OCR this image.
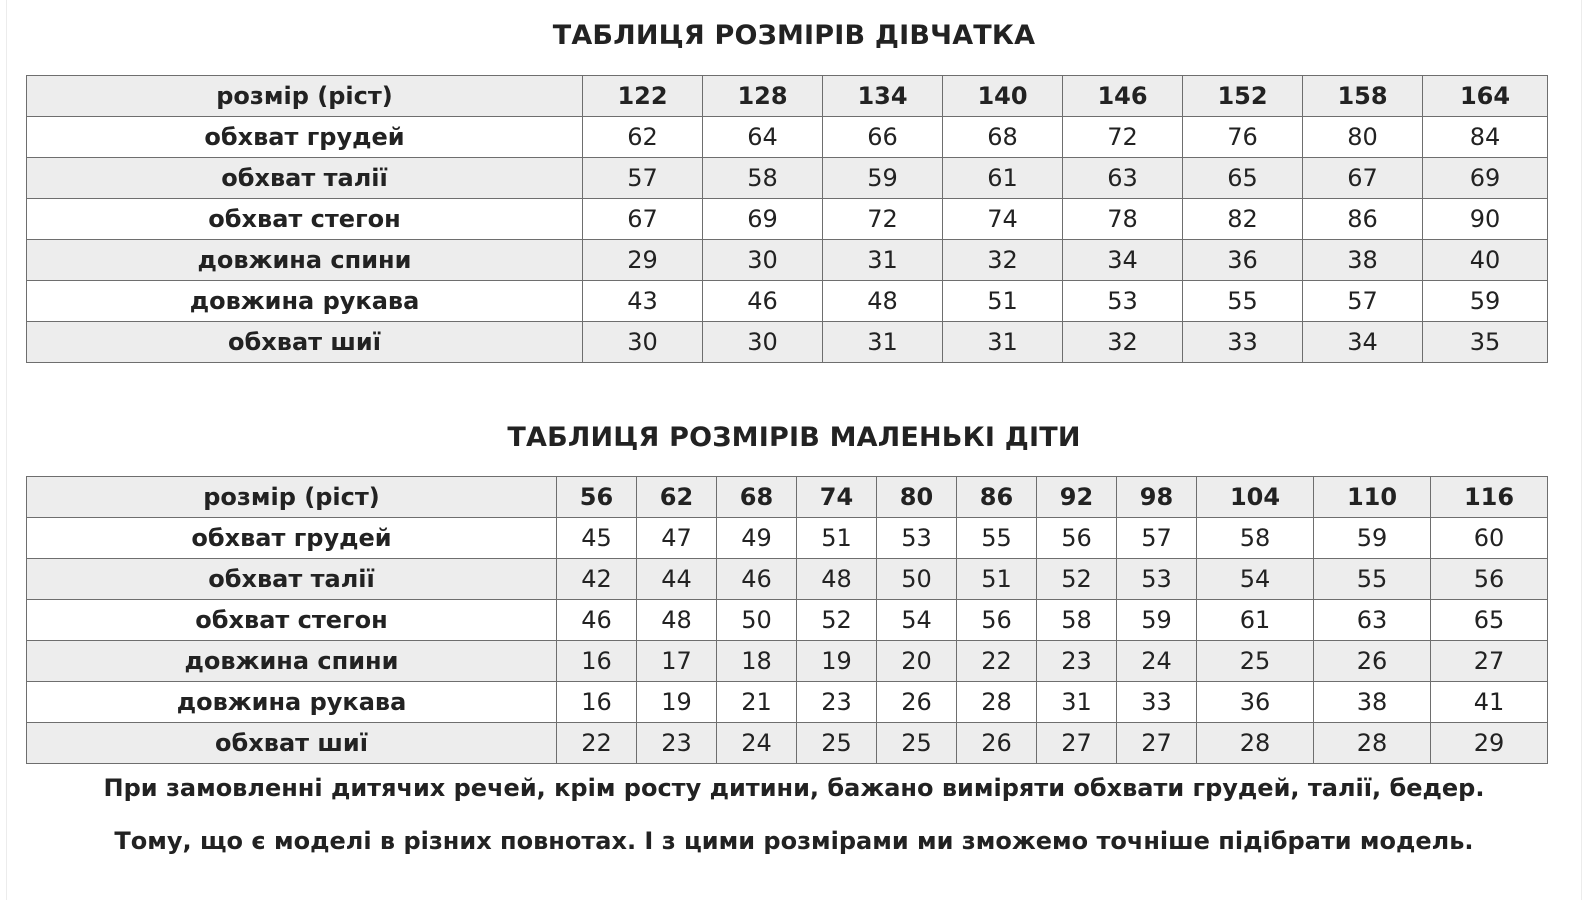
ТАБЛИЦЯ РОЗМІРІВ ДІВЧАТКА
розмір (ріст)	122	128	134	140	146	152	158	164
обхват грудей	62	64	66	68	72	76	80	84
обхват талії	57	58	59	61	63	65	67	69
обхват стегон	67	69	72	74	78	82	86	90
довжина спини	29	30	31	32	34	36	38	40
довжина рукава	43	46	48	51	53	55	57	59
обхват шиї	30	30	31	31	32	33	34	35
ТАБЛИЦЯ РОЗМІРІВ МАЛЕНЬКІ ДІТИ
розмір (ріст)	56	62	68	74	80	86	92	98	104	110	116
обхват грудей	45	47	49	51	53	55	56	57	58	59	60
обхват талії	42	44	46	48	50	51	52	53	54	55	56
обхват стегон	46	48	50	52	54	56	58	59	61	63	65
довжина спини	16	17	18	19	20	22	23	24	25	26	27
довжина рукава	16	19	21	23	26	28	31	33	36	38	41
обхват шиї	22	23	24	25	25	26	27	27	28	28	29
При замовленні дитячих речей, крім росту дитини, бажано виміряти обхвати грудей, талії, бедер.
Тому, що є моделі в різних повнотах. І з цими розмірами ми зможемо точніше підібрати модель.
